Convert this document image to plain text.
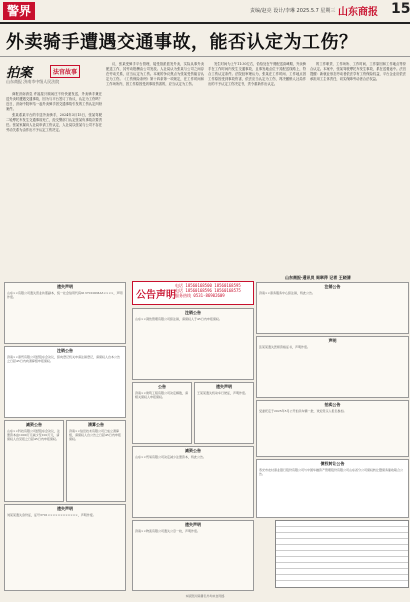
警界	责编/赵亮 设计/李琳 2025.5.7 星期三 山东商报 15
外卖骑手遭遇交通事故，能否认定为工伤？
拍案	法官故事
山东商报 济南市中级人民法院

商报济南消息 许福星只顾闲庄不仍快递发送，外卖骑手兼在送外卖时遭遇交通事故，因为与平台签订了协议，认定为工伤吗？近日，济南中院审结一起外卖骑手因交通事故引发的工伤认定纠纷案件。

张某系某平台的专送外卖骑手，2024年3月15日，张某驾驶二轮摩托车发生交通事故死亡，经交警部门认定张某负事故次要责任。张某家属向人社局申请工伤认定，人社局以张某与公司不存在劳动关系为由作出不予认定工伤决定。

议，张某受骑手平台管理，接受指派派发外卖，实际从事外卖配送工作，其劳动报酬由公司发放。人社局认为张某与公司之间存在劳动关系，应当认定为工伤。本案的争议焦点为张某受伤能否认定为工伤。《工伤保险条例》第十四条第一项规定，在工作时间和工作场所内，因工作原因受到事故伤害的，应当认定为工伤。

发生时间为上午11:30左右，恰恰处在午餐配送高峰期，外卖骑手在工作时间内发生交通事故，且事发地点位于其配送线路上，符合工伤认定条件。法院经审理认为，张某在工作时间、工作地点因工作原因受到事故伤害，依法应当认定为工伤，判决撤销人社局作出的不予认定工伤决定书，责令重新作出认定。

的工作职责、工作场所、工作时间、工作原因和工作地点等综合认定。本案中，张某驾驶摩托车发生事故，系在送餐途中。法官提醒：新就业形态劳动者依法享有工伤保险权益，平台企业应依法承担用工主体责任，切实保障劳动者合法权益。

山东商报·通讯员 周翠萍 记者 王晓清
公告声明
电话 18560168500 18560168595
电话 18560168596 18560168575
服务热线 0531-86902609
遗失声明
山东××有限公司遗失营业执照副本，统一社会信用代码91370100MA3××××，声明作废。
注销公告
济南××商贸有限公司经股东会决议，拟向登记机关申请注销登记，请债权人自本公告之日起45日内向清算组申报债权。
减资公告
山东××科技有限公司经股东会决议，注册资本由1000万元减少至100万元，请债权人自见报之日起45日内申报债权。
清算公告
济南××信息技术有限公司已成立清算组，请债权人自公告之日起45日内申报债权。
遗失声明
刘某某遗失身份证，证号3701××××××××××××，声明作废。
注销公告
山东××餐饮管理有限公司拟注销，请债权人于45日内申报债权。
公告
济南××建筑工程有限公司决定解散，请相关债权人申报债权。
遗失声明
王某某遗失机动车行驶证，声明作废。
减资公告
山东××贸易有限公司决定减少注册资本，特此公告。
遗失声明
济南××物流有限公司遗失公章一枚，声明作废。
注销公告
济南××商务服务中心拟注销，特此公告。
声明
张某某遗失医师资格证书，声明作废。
拍卖公告
受委托定于2025年5月公开拍卖车辆一批，欢迎竞买人报名参加。
债权转让公告
寿光市农村商业银行股份有限公司与中国华融资产管理股份有限公司山东省分公司债权转让暨债务催收联合公告。
本版图片除署名外均来自网络
